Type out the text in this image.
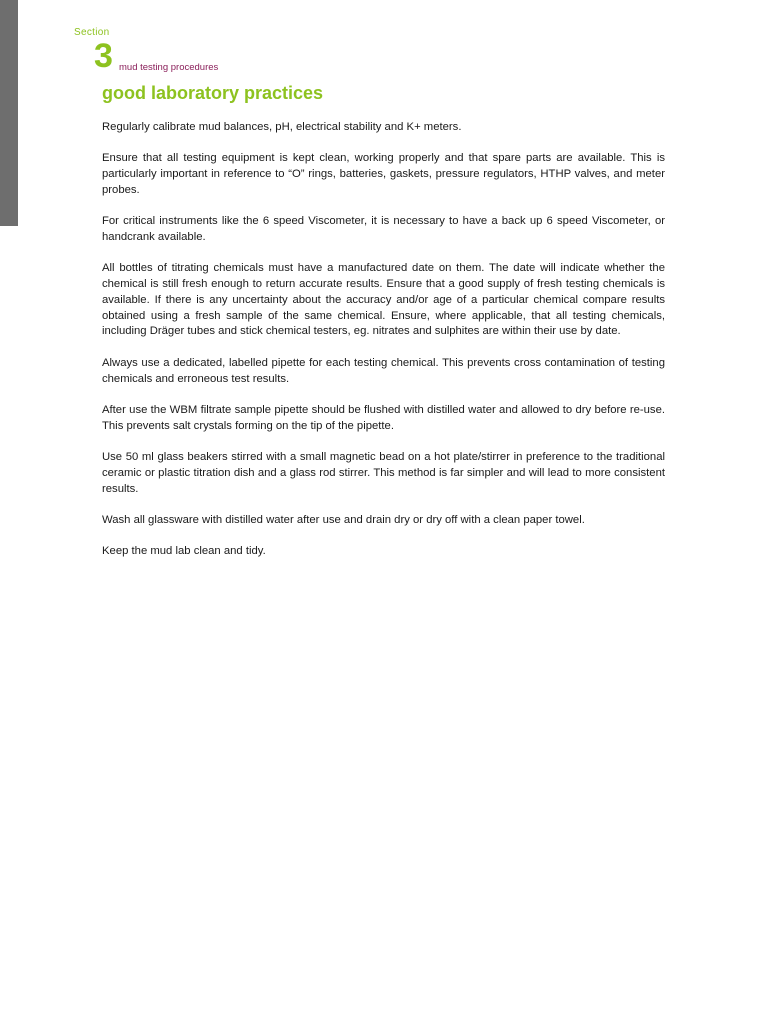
Section
3 mud testing procedures
good laboratory practices

Regularly calibrate mud balances, pH, electrical stability and K+ meters.

Ensure that all testing equipment is kept clean, working properly and that spare parts are available. This is particularly important in reference to “O” rings, batteries, gaskets, pressure regulators, HTHP valves, and meter probes.

For critical instruments like the 6 speed Viscometer, it is necessary to have a back up 6 speed Viscometer, or handcrank available.

All bottles of titrating chemicals must have a manufactured date on them. The date will indicate whether the chemical is still fresh enough to return accurate results. Ensure that a good supply of fresh testing chemicals is available. If there is any uncertainty about the accuracy and/or age of a particular chemical compare results obtained using a fresh sample of the same chemical. Ensure, where applicable, that all testing chemicals, including Dräger tubes and stick chemical testers, eg. nitrates and sulphites are within their use by date.

Always use a dedicated, labelled pipette for each testing chemical. This prevents cross contamination of testing chemicals and erroneous test results.

After use the WBM filtrate sample pipette should be flushed with distilled water and allowed to dry before re-use. This prevents salt crystals forming on the tip of the pipette.

Use 50 ml glass beakers stirred with a small magnetic bead on a hot plate/stirrer in preference to the traditional ceramic or plastic titration dish and a glass rod stirrer. This method is far simpler and will lead to more consistent results.

Wash all glassware with distilled water after use and drain dry or dry off with a clean paper towel.

Keep the mud lab clean and tidy.
